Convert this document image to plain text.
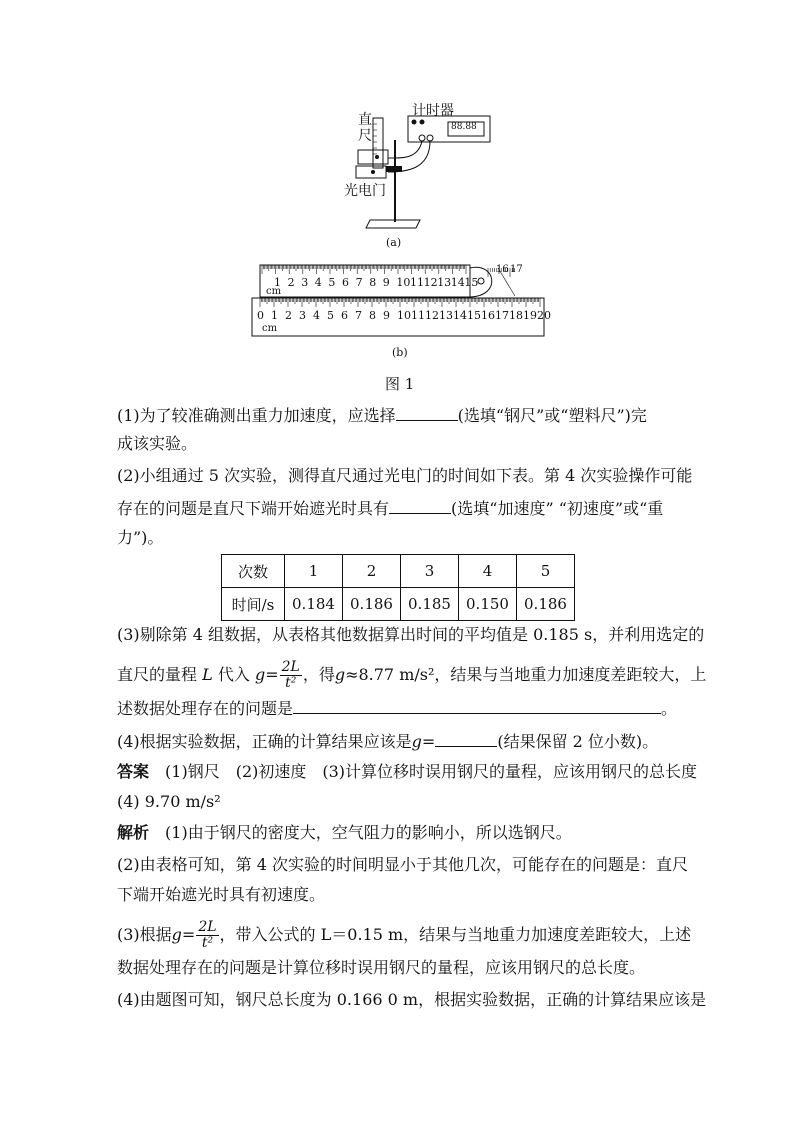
计时器
88.88
直尺
光电门
(a)
1 2 3 4 5 6 7 8 9 10 11 12 13 14 15
16 17
0 1 2 3 4 5 6 7 8 9 10 11 12 13 14 15 16 17 18 19 20
cm
cm
(b)
图 1
(1)为了较准确测出重力加速度，应选择	(选填“钢尺”或“塑料尺”)完
成该实验。
(2)小组通过 5 次实验，测得直尺通过光电门的时间如下表。第 4 次实验操作可能
存在的问题是直尺下端开始遮光时具有	(选填“加速度” “初速度”或“重
力”)。
次数	1	2	3	4	5
时间/s	0.184	0.186	0.185	0.150	0.186
(3)剔除第 4 组数据，从表格其他数据算出时间的平均值是 0.185 s，并利用选定的
直尺的量程 L 代入 $g= \frac{2L}{\text{t²}}$ ，得g≈8.77 m/s²，结果与当地重力加速度差距较大，上
述数据处理存在的问题是	。
(4)根据实验数据，正确的计算结果应该是g=	(结果保留 2 位小数)。
答案　 (1)钢尺　(2)初速度　(3)计算位移时误用钢尺的量程，应该用钢尺的总长度
(4) 9.70 m/s²
解析　 (1)由于钢尺的密度大，空气阻力的影响小，所以选钢尺。
(2)由表格可知，第 4 次实验的时间明显小于其他几次，可能存在的问题是：直尺
下端开始遮光时具有初速度。
(3)根据$g= \frac{2L}{\text{t²}}$ ，带入公式的 L＝0.15 m，结果与当地重力加速度差距较大，上述
数据处理存在的问题是计算位移时误用钢尺的量程，应该用钢尺的总长度。
(4)由题图可知，钢尺总长度为 0.166 0 m，根据实验数据，正确的计算结果应该是
